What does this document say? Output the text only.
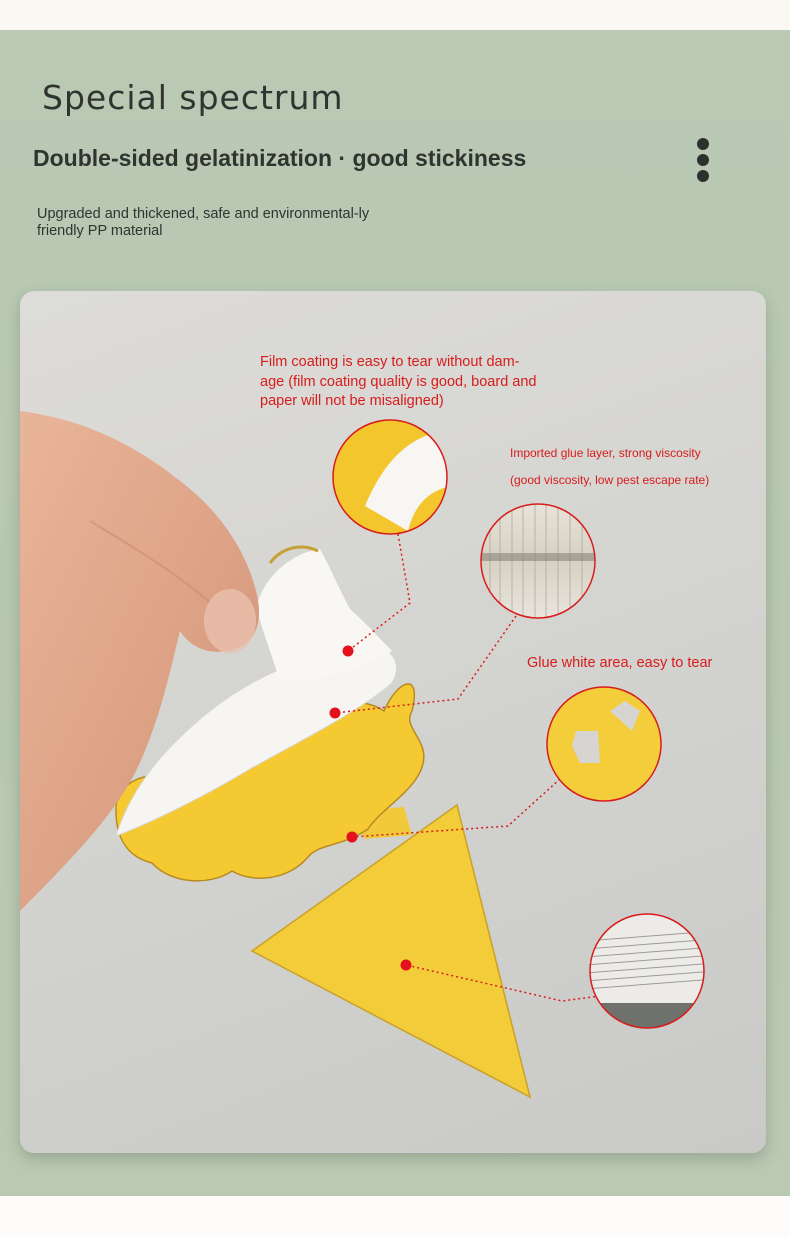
Special spectrum
Double-sided gelatinization · good stickiness

Upgraded and thickened, safe and environmental-ly friendly PP material

Film coating is easy to tear without dam-age (film coating quality is good, board and paper will not be misaligned)

Imported glue layer, strong viscosity

(good viscosity, low pest escape rate)

Glue white area, easy to tear
